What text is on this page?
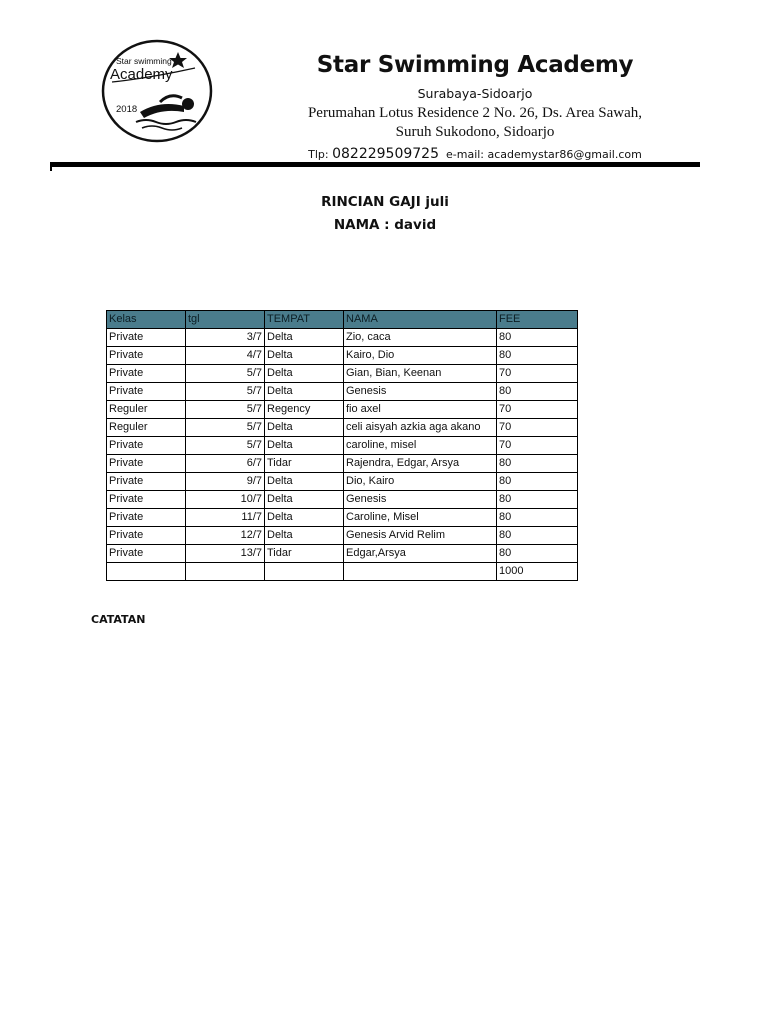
Star swimming
Academy
2018
Star Swimming Academy
Surabaya-Sidoarjo
Perumahan Lotus Residence 2 No. 26, Ds. Area Sawah,
Suruh Sukodono, Sidoarjo
Tlp: 082229509725 e-mail: academystar86@gmail.com
RINCIAN GAJI juli
NAMA : david
Kelas	tgl	TEMPAT	NAMA	FEE
Private	3/7	Delta	Zio, caca	80
Private	4/7	Delta	Kairo, Dio	80
Private	5/7	Delta	Gian, Bian, Keenan	70
Private	5/7	Delta	Genesis	80
Reguler	5/7	Regency	fio axel	70
Reguler	5/7	Delta	celi aisyah azkia aga akano	70
Private	5/7	Delta	caroline, misel	70
Private	6/7	Tidar	Rajendra, Edgar, Arsya	80
Private	9/7	Delta	Dio, Kairo	80
Private	10/7	Delta	Genesis	80
Private	11/7	Delta	Caroline, Misel	80
Private	12/7	Delta	Genesis Arvid Relim	80
Private	13/7	Tidar	Edgar,Arsya	80
				1000
CATATAN
